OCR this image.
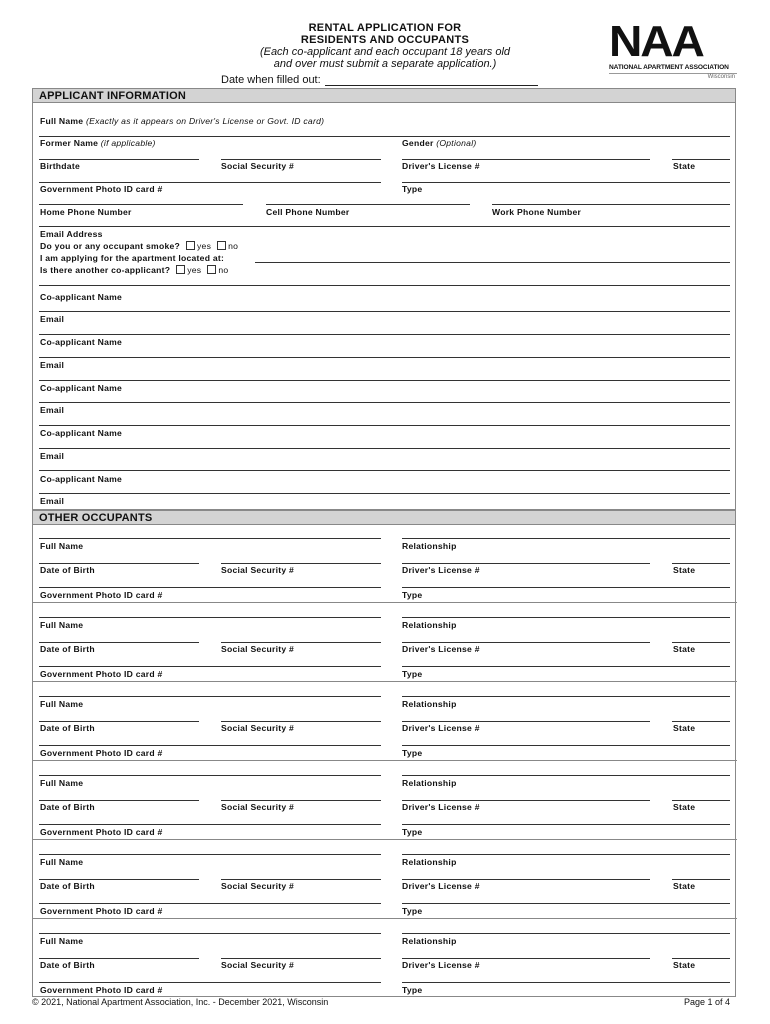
RENTAL APPLICATION FOR
RESIDENTS AND OCCUPANTS
(Each co-applicant and each occupant 18 years old
and over must submit a separate application.)
Date when filled out:
NAA
NATIONAL APARTMENT ASSOCIATION
Wisconsin
APPLICANT INFORMATION
Full Name (Exactly as it appears on Driver's License or Govt. ID card)
Former Name (if applicable)	Gender (Optional)
Birthdate	Social Security #	Driver's License #	State
Government Photo ID card #	Type
Home Phone Number	Cell Phone Number	Work Phone Number
Email Address
Do you or any occupant smoke? yes no
I am applying for the apartment located at:
Is there another co-applicant? yes no
Co-applicant Name
Email
Co-applicant Name
Email
Co-applicant Name
Email
Co-applicant Name
Email
Co-applicant Name
Email
OTHER OCCUPANTS
Full Name	Relationship
Date of Birth	Social Security #	Driver's License #	State
Government Photo ID card #	Type
Full Name	Relationship
Date of Birth	Social Security #	Driver's License #	State
Government Photo ID card #	Type
Full Name	Relationship
Date of Birth	Social Security #	Driver's License #	State
Government Photo ID card #	Type
Full Name	Relationship
Date of Birth	Social Security #	Driver's License #	State
Government Photo ID card #	Type
Full Name	Relationship
Date of Birth	Social Security #	Driver's License #	State
Government Photo ID card #	Type
Full Name	Relationship
Date of Birth	Social Security #	Driver's License #	State
Government Photo ID card #	Type
© 2021, National Apartment Association, Inc. - December 2021, Wisconsin	Page 1 of 4
